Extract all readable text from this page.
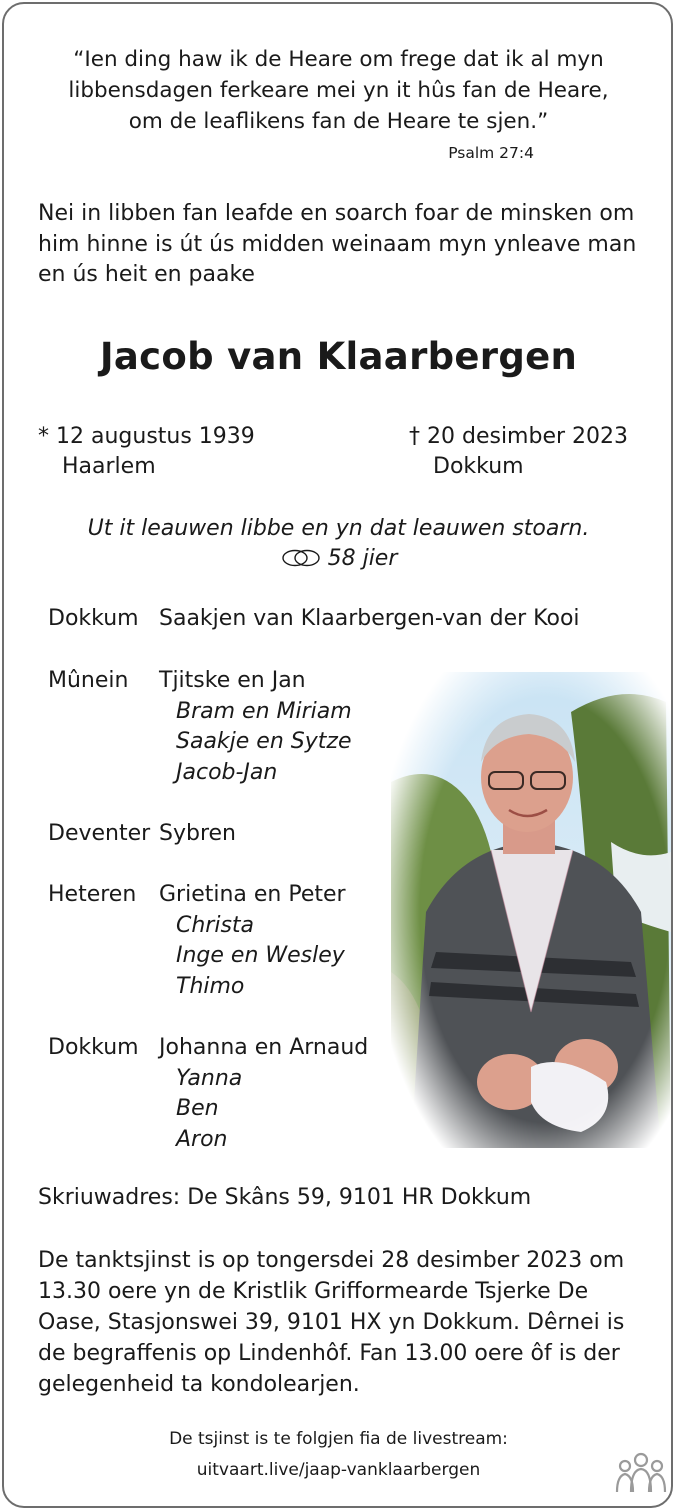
“Ien ding haw ik de Heare om frege dat ik al myn
libbensdagen ferkeare mei yn it hûs fan de Heare,
om de leaflikens fan de Heare te sjen.”
Psalm 27:4
Nei in libben fan leafde en soarch foar de minsken om
him hinne is út ús midden weinaam myn ynleave man
en ús heit en paake
Jacob van Klaarbergen
* 12 augustus 1939
Haarlem
† 20 desimber 2023
Dokkum
Ut it leauwen libbe en yn dat leauwen stoarn.
58 jier
Dokkum Saakjen van Klaarbergen-van der Kooi
Mûnein Tjitske en Jan
Bram en Miriam
Saakje en Sytze
Jacob-Jan
Deventer Sybren
Heteren Grietina en Peter
Christa
Inge en Wesley
Thimo
Dokkum Johanna en Arnaud
Yanna
Ben
Aron
Skriuwadres: De Skâns 59, 9101 HR Dokkum
De tanktsjinst is op tongersdei 28 desimber 2023 om
13.30 oere yn de Kristlik Grifformearde Tsjerke De
Oase, Stasjonswei 39, 9101 HX yn Dokkum. Dêrnei is
de begraffenis op Lindenhôf. Fan 13.00 oere ôf is der
gelegenheid ta kondolearjen.
De tsjinst is te folgjen fia de livestream:
uitvaart.live/jaap-vanklaarbergen
